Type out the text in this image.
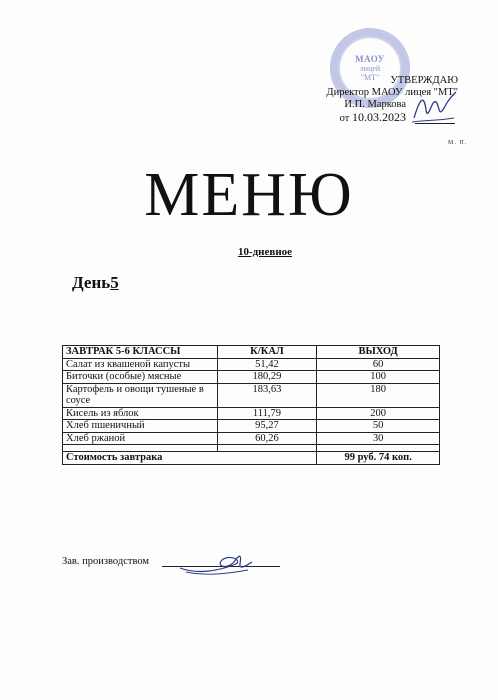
МАОУ
лицей
"МТ"	УТВЕРЖДАЮ
Директор МАОУ лицея "МТ"
И.П. Маркова
от 10.03.2023
М. П.
МЕНЮ
10-дневное
День5
ЗАВТРАК 5-6 КЛАССЫ	К/КАЛ	ВЫХОД
Салат из квашеной капусты	51,42	60
Биточки (особые) мясные	180,29	100
Картофель и овощи тушеные в соусе	183,63	180
Кисель из яблок	111,79	200
Хлеб пшеничный	95,27	50
Хлеб ржаной	60,26	30

Стоимость завтрака		99 руб. 74 коп.
Зав. производством
